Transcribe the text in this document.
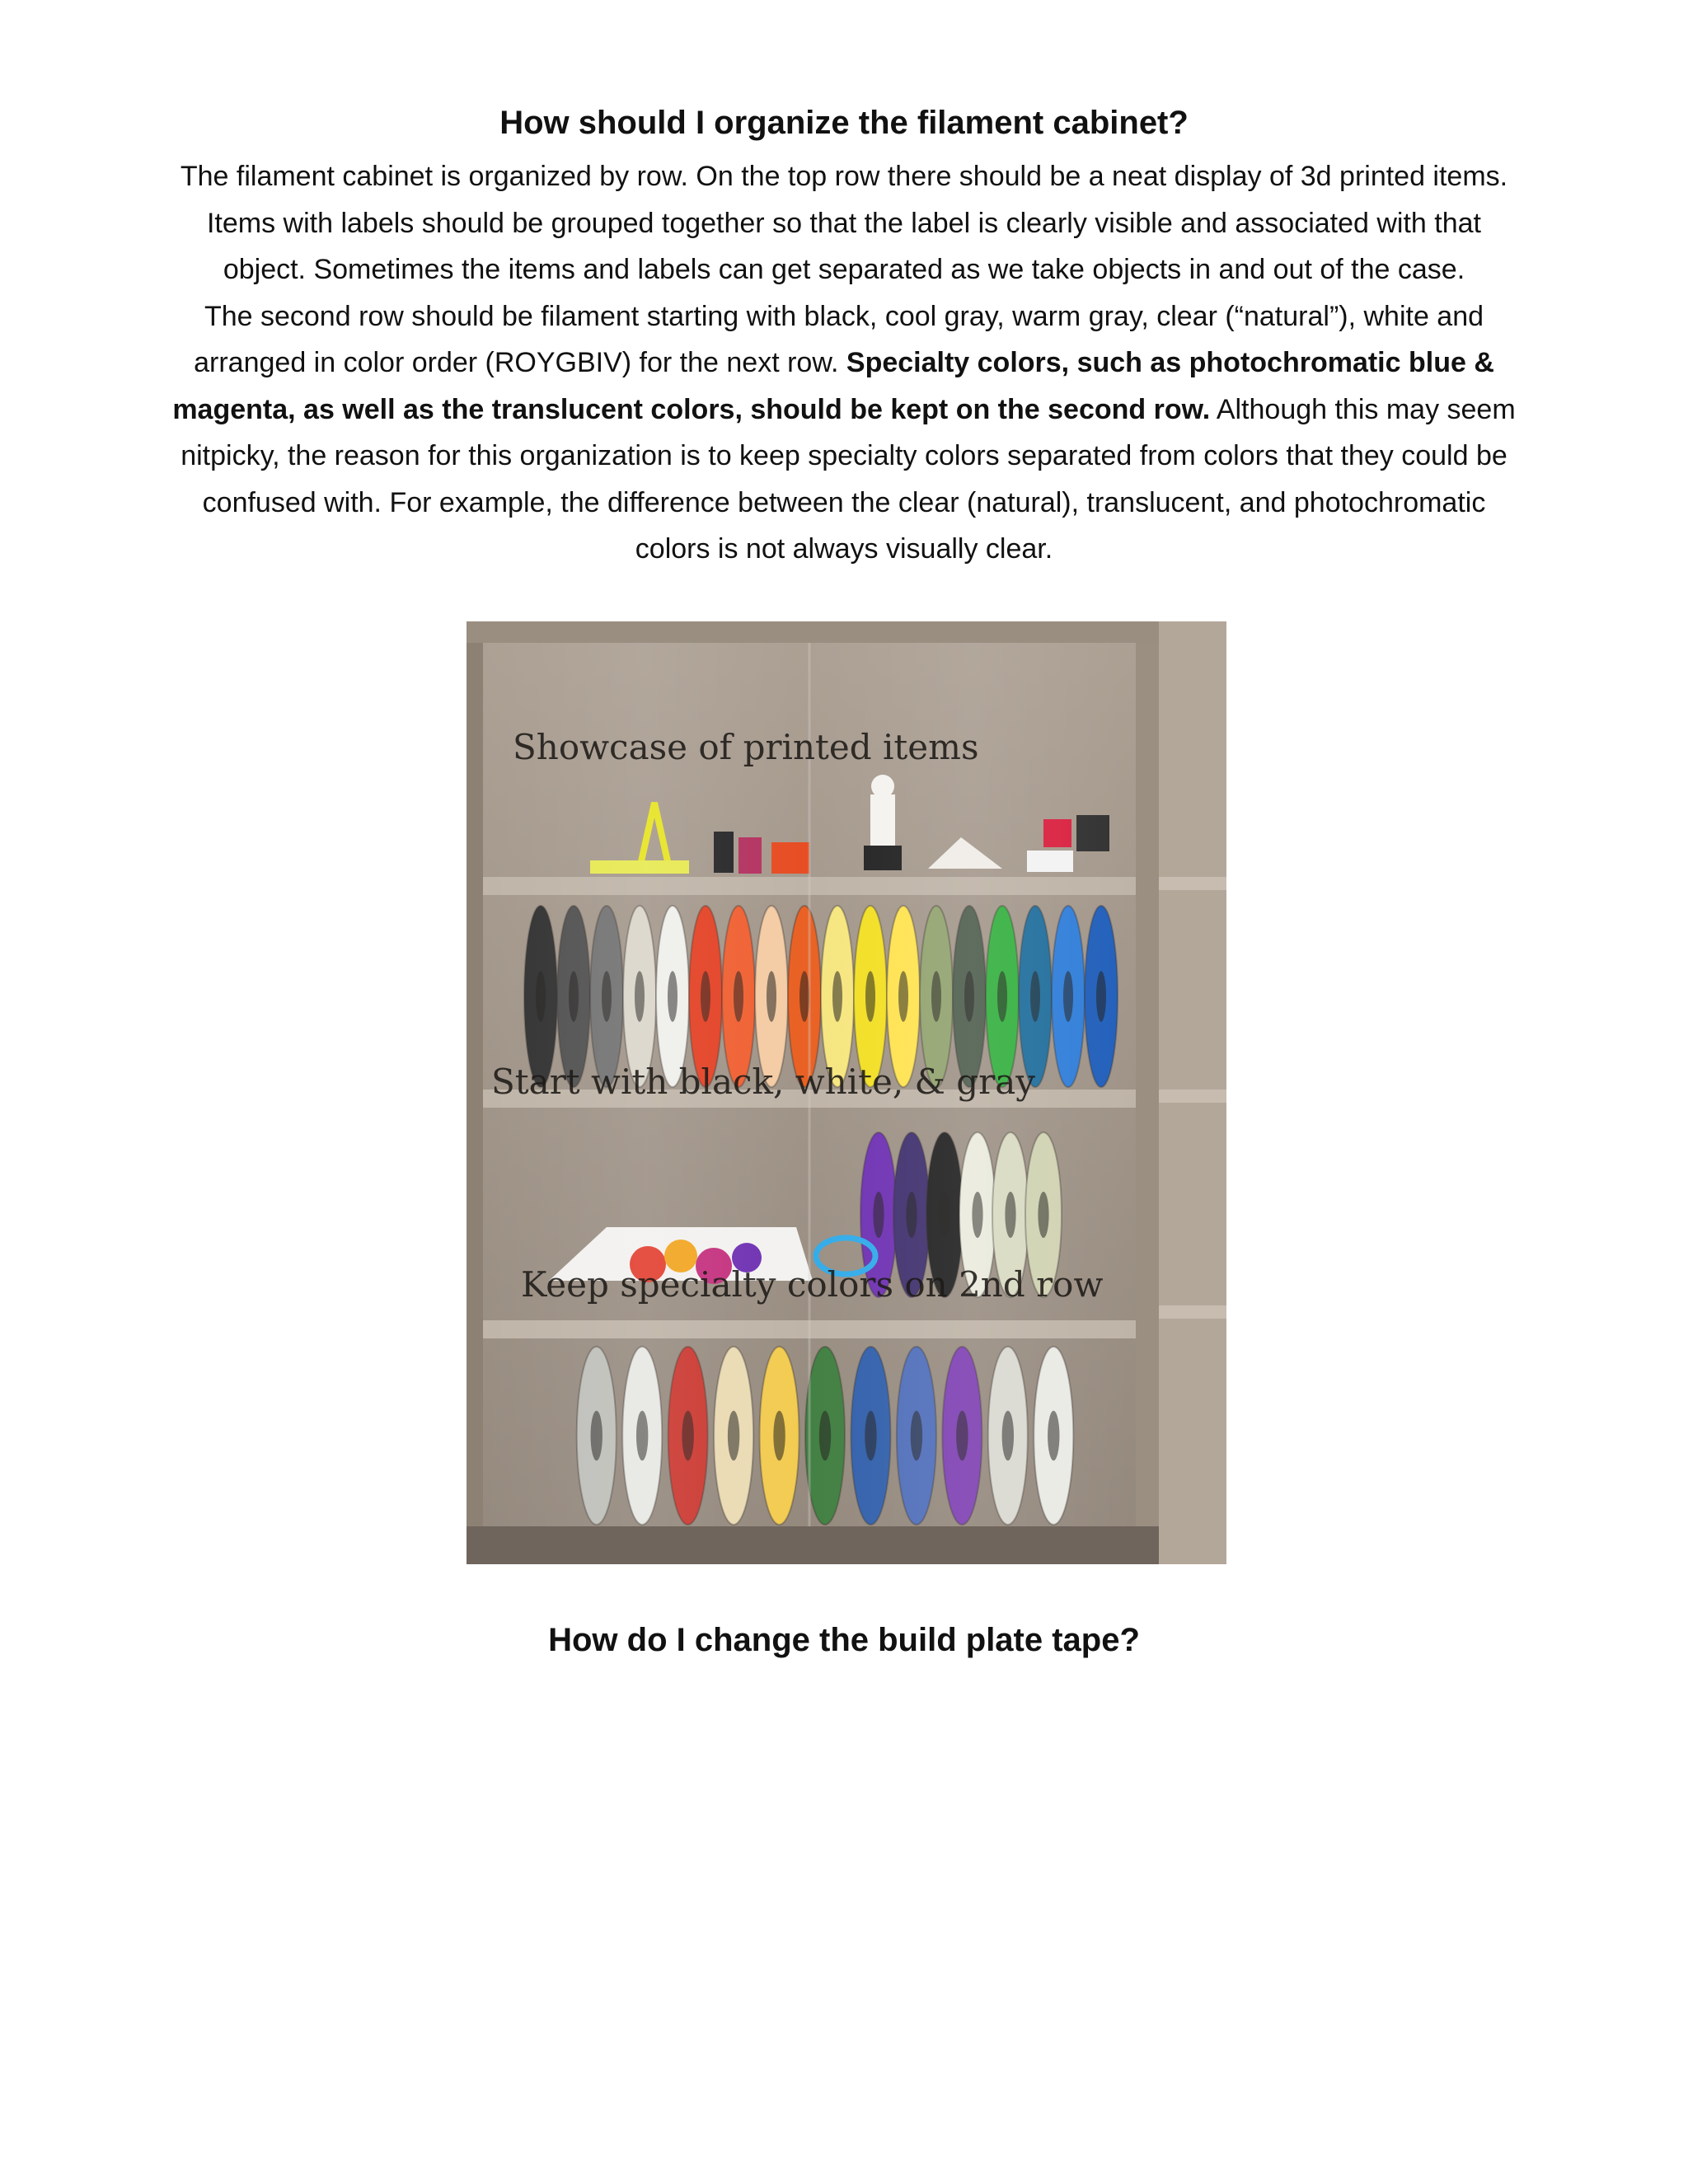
How should I organize the filament cabinet?

The filament cabinet is organized by row. On the top row there should be a neat display of 3d printed items.
Items with labels should be grouped together so that the label is clearly visible and associated with that
object. Sometimes the items and labels can get separated as we take objects in and out of the case.
The second row should be filament starting with black, cool gray, warm gray, clear (“natural”), white and
arranged in color order (ROYGBIV) for the next row. Specialty colors, such as photochromatic blue &
magenta, as well as the translucent colors, should be kept on the second row. Although this may seem
nitpicky, the reason for this organization is to keep specialty colors separated from colors that they could be
confused with. For example, the difference between the clear (natural), translucent, and photochromatic
colors is not always visually clear.

Showcase of printed items
Start with black, white, & gray
Keep specialty colors on 2nd row
How do I change the build plate tape?
